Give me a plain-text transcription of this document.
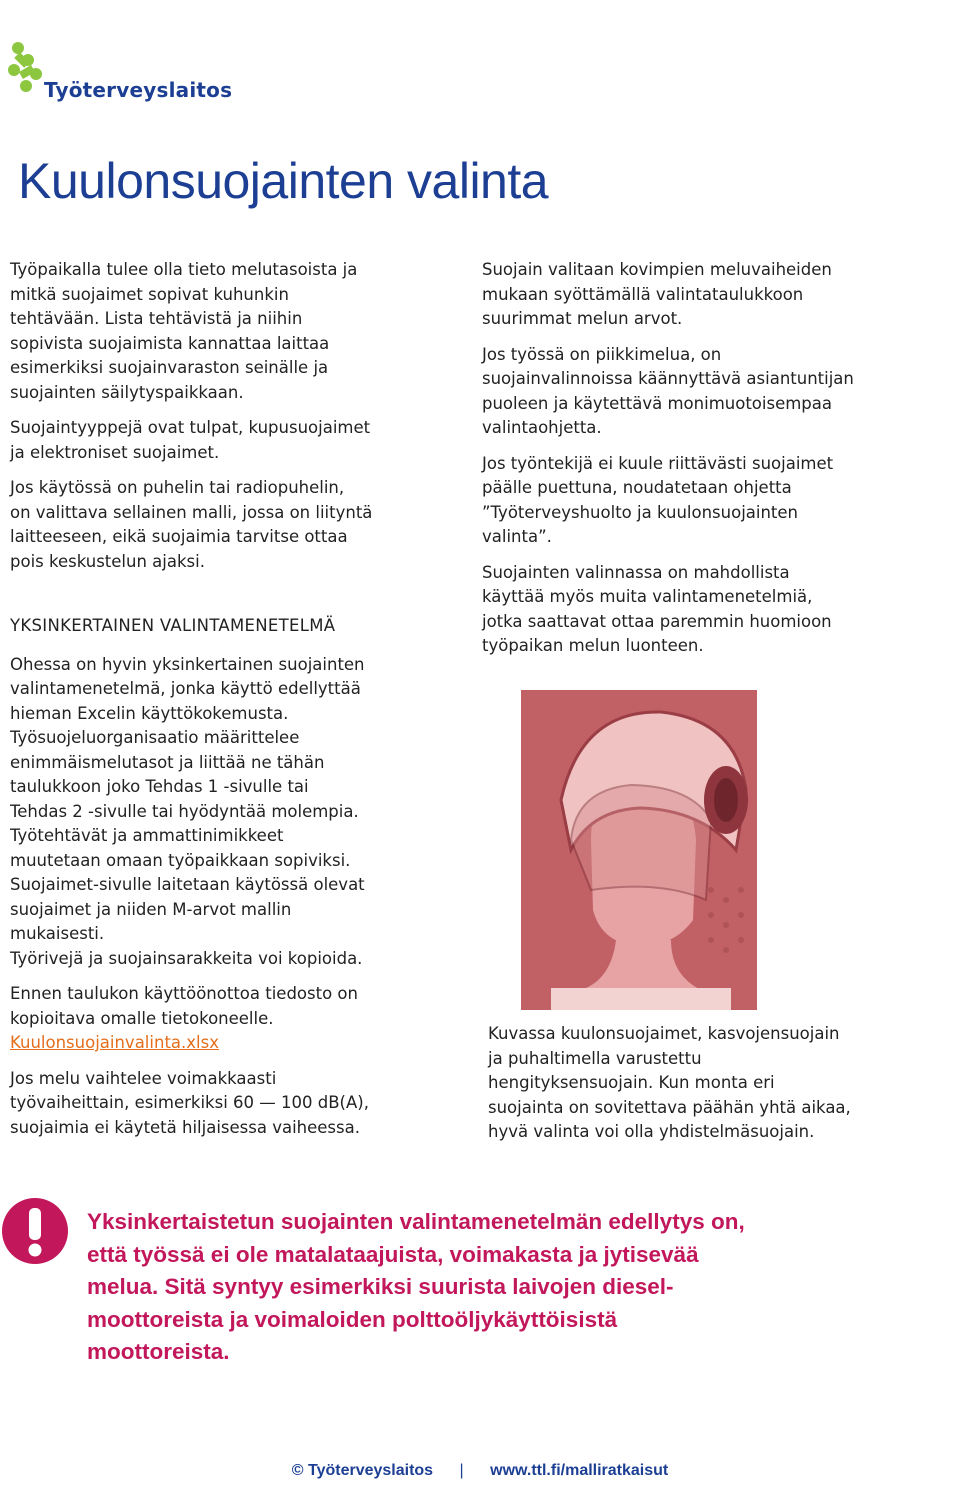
Työterveyslaitos
Kuulonsuojainten valinta

Työpaikalla tulee olla tieto melutasoista ja
mitkä suojaimet sopivat kuhunkin
tehtävään. Lista tehtävistä ja niihin
sopivista suojaimista kannattaa laittaa
esimerkiksi suojainvaraston seinälle ja
suojainten säilytyspaikkaan.

Suojaintyyppejä ovat tulpat, kupusuojaimet
ja elektroniset suojaimet.

Jos käytössä on puhelin tai radiopuhelin,
on valittava sellainen malli, jossa on liityntä
laitteeseen, eikä suojaimia tarvitse ottaa
pois keskustelun ajaksi.

YKSINKERTAINEN VALINTAMENETELMÄ

Ohessa on hyvin yksinkertainen suojainten
valintamenetelmä, jonka käyttö edellyttää
hieman Excelin käyttökokemusta.
Työsuojeluorganisaatio määrittelee
enimmäismelutasot ja liittää ne tähän
taulukkoon joko Tehdas 1 -sivulle tai
Tehdas 2 -sivulle tai hyödyntää molempia.
Työtehtävät ja ammattinimikkeet
muutetaan omaan työpaikkaan sopiviksi.
Suojaimet-sivulle laitetaan käytössä olevat
suojaimet ja niiden M-arvot mallin
mukaisesti.
Työrivejä ja suojainsarakkeita voi kopioida.

Ennen taulukon käyttöönottoa tiedosto on
kopioitava omalle tietokoneelle.

Kuulonsuojainvalinta.xlsx

Jos melu vaihtelee voimakkaasti
työvaiheittain, esimerkiksi 60 — 100 dB(A),
suojaimia ei käytetä hiljaisessa vaiheessa.

Suojain valitaan kovimpien meluvaiheiden
mukaan syöttämällä valintataulukkoon
suurimmat melun arvot.

Jos työssä on piikkimelua, on
suojainvalinnoissa käännyttävä asiantuntijan
puoleen ja käytettävä monimuotoisempaa
valintaohjetta.

Jos työntekijä ei kuule riittävästi suojaimet
päälle puettuna, noudatetaan ohjetta
”Työterveyshuolto ja kuulonsuojainten
valinta”.

Suojainten valinnassa on mahdollista
käyttää myös muita valintamenetelmiä,
jotka saattavat ottaa paremmin huomioon
työpaikan melun luonteen.

Kuvassa kuulonsuojaimet, kasvojensuojain
ja puhaltimella varustettu
hengityksensuojain. Kun monta eri
suojainta on sovitettava päähän yhtä aikaa,
hyvä valinta voi olla yhdistelmäsuojain.
Yksinkertaistetun suojainten valintamenetelmän edellytys on,
että työssä ei ole matalataajuista, voimakasta ja jytisevää
melua. Sitä syntyy esimerkiksi suurista laivojen diesel-
moottoreista ja voimaloiden polttoöljykäyttöisistä
moottoreista.
© Työterveyslaitos | www.ttl.fi/malliratkaisut
